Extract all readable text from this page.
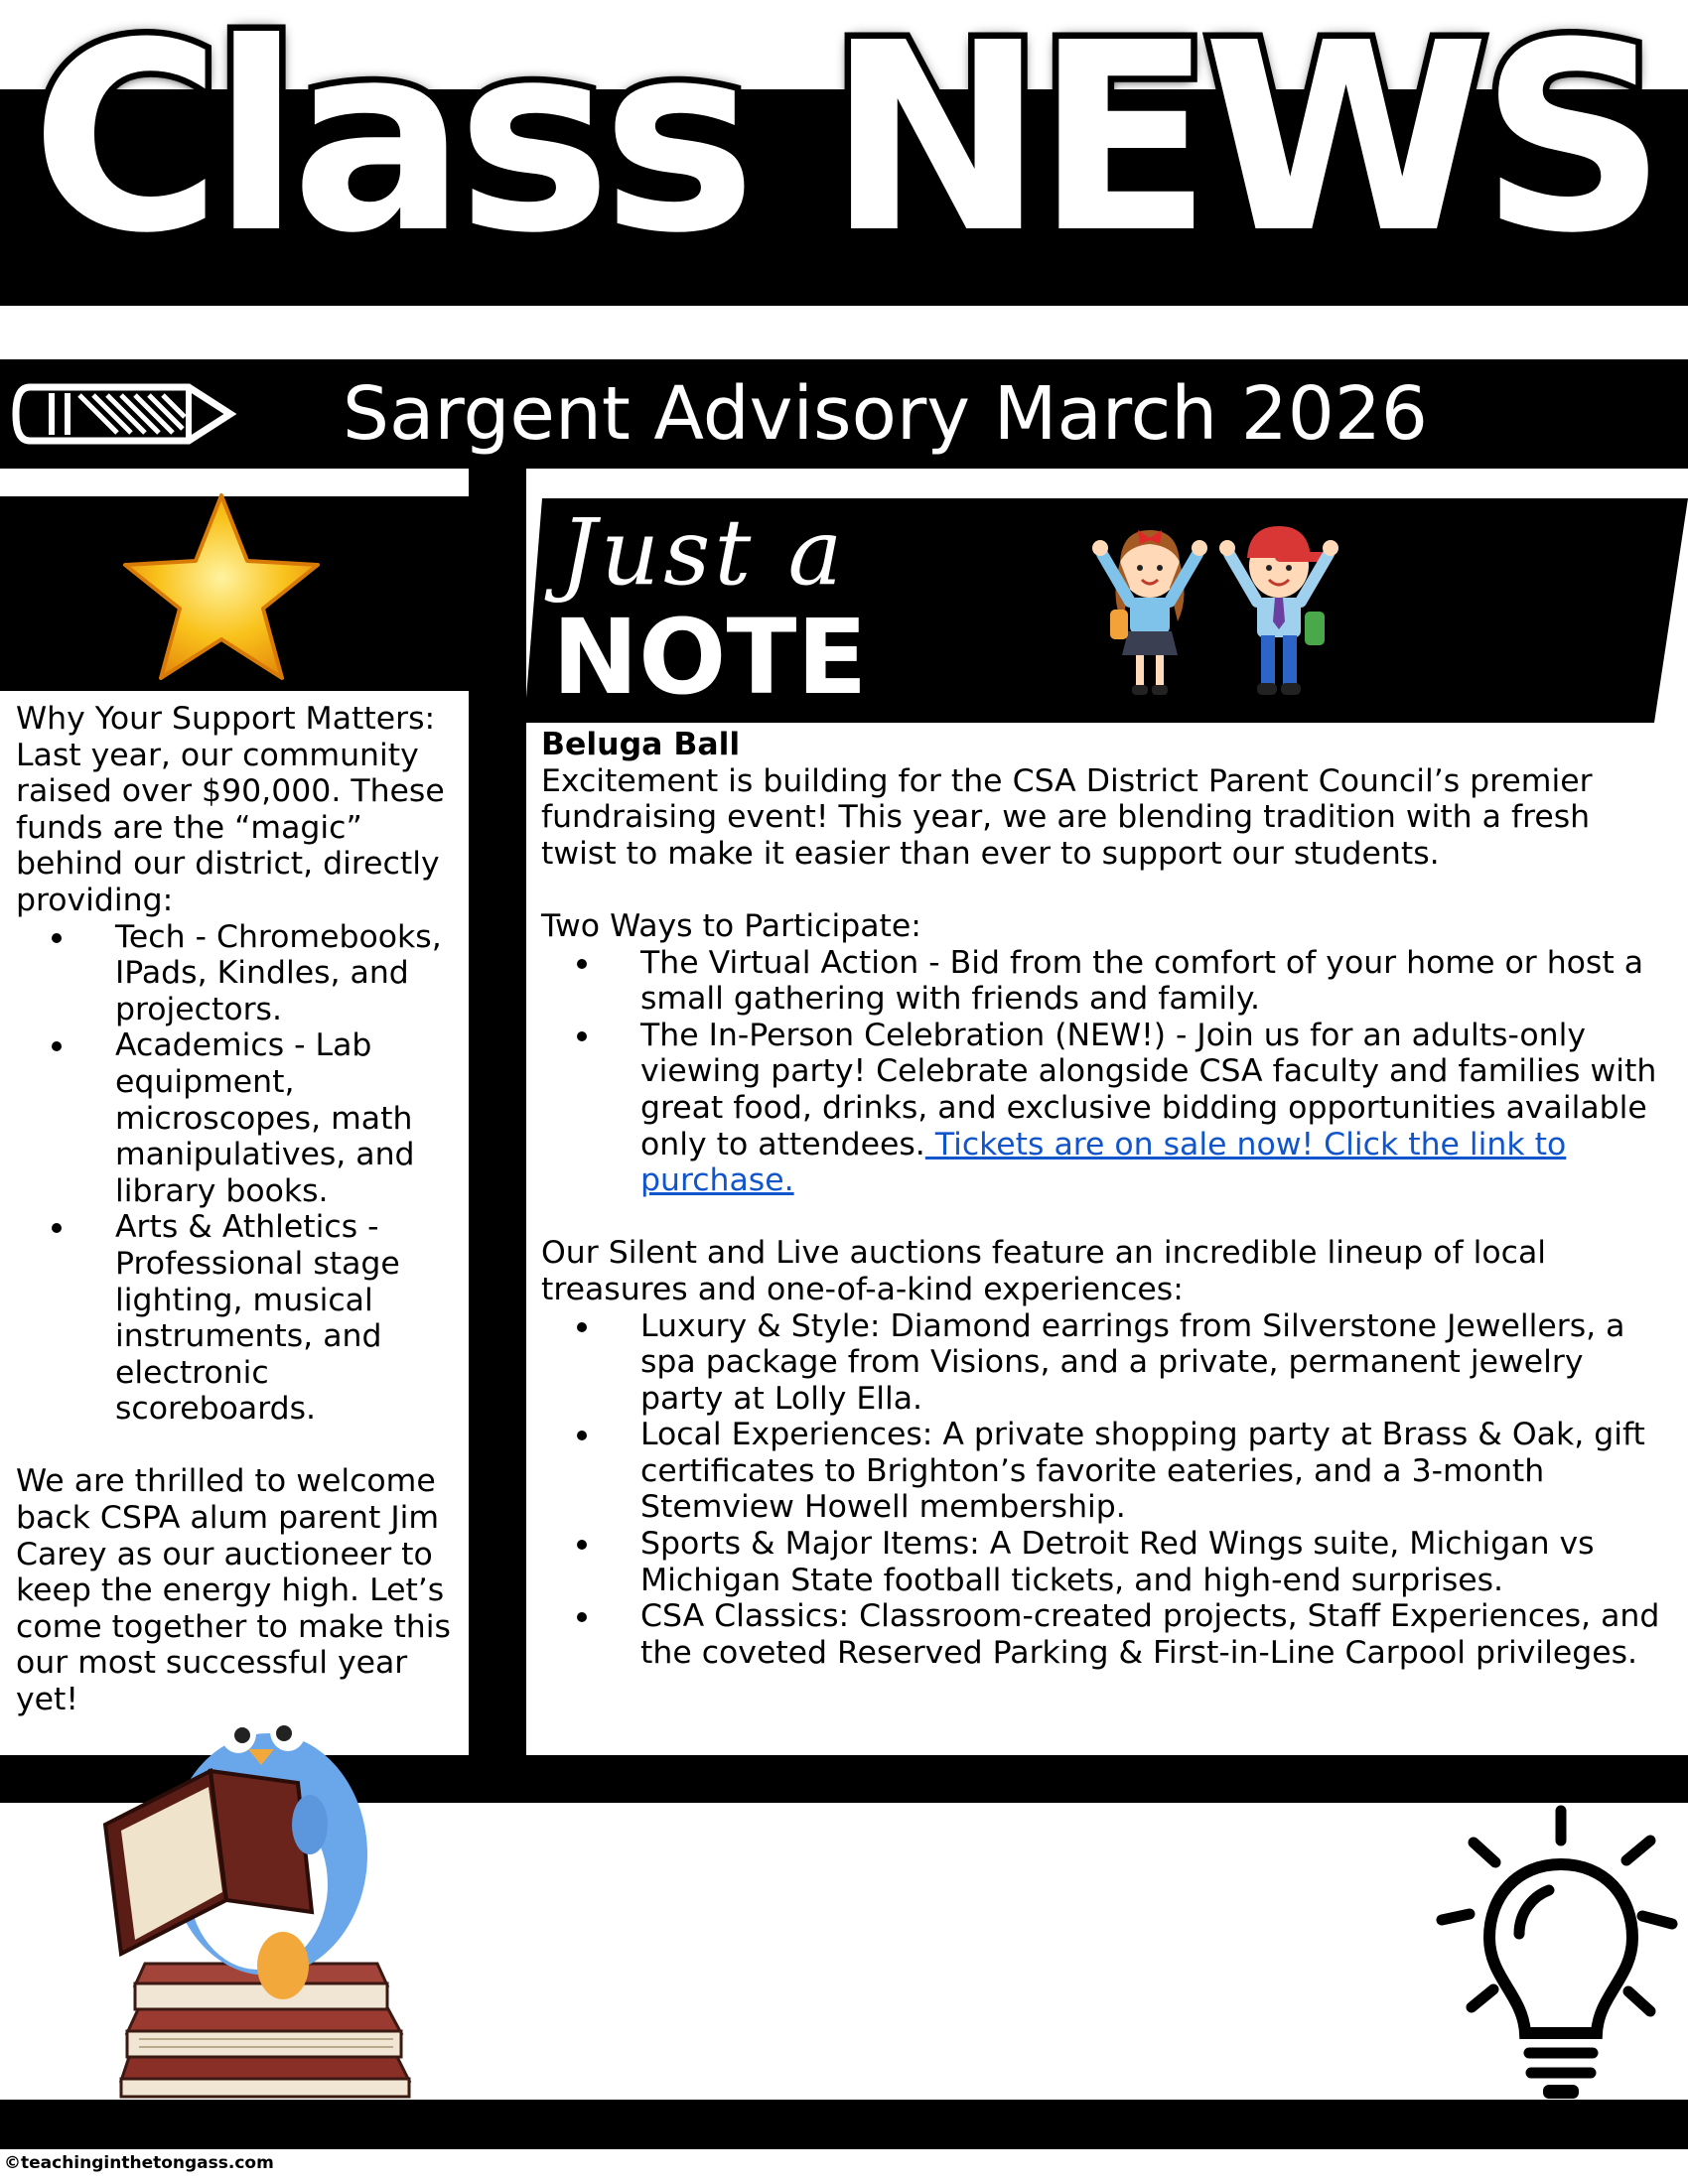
Class NEWS
Sargent Advisory March 2026

Why Your Support Matters: Last year, our community raised over $90,000. These funds are the “magic” behind our district, directly providing:

Tech - Chromebooks, IPads, Kindles, and projectors.
Academics - Lab equipment, microscopes, math manipulatives, and library books.
Arts & Athletics - Professional stage lighting, musical instruments, and electronic scoreboards.

We are thrilled to welcome back CSPA alum parent Jim Carey as our auctioneer to keep the energy high. Let’s come together to make this our most successful year yet!

Just a
NOTE
Beluga Ball

Excitement is building for the CSA District Parent Council’s premier fundraising event! This year, we are blending tradition with a fresh twist to make it easier than ever to support our students.

Two Ways to Participate:

The Virtual Action - Bid from the comfort of your home or host a small gathering with friends and family.
The In-Person Celebration (NEW!) - Join us for an adults-only viewing party! Celebrate alongside CSA faculty and families with great food, drinks, and exclusive bidding opportunities available only to attendees. Tickets are on sale now! Click the link to purchase.

Our Silent and Live auctions feature an incredible lineup of local treasures and one-of-a-kind experiences:

Luxury & Style: Diamond earrings from Silverstone Jewellers, a spa package from Visions, and a private, permanent jewelry party at Lolly Ella.
Local Experiences: A private shopping party at Brass & Oak, gift certificates to Brighton’s favorite eateries, and a 3-month Stemview Howell membership.
Sports & Major Items: A Detroit Red Wings suite, Michigan vs Michigan State football tickets, and high-end surprises.
CSA Classics: Classroom-created projects, Staff Experiences, and the coveted Reserved Parking & First-in-Line Carpool privileges.
©teachinginthetongass.com
